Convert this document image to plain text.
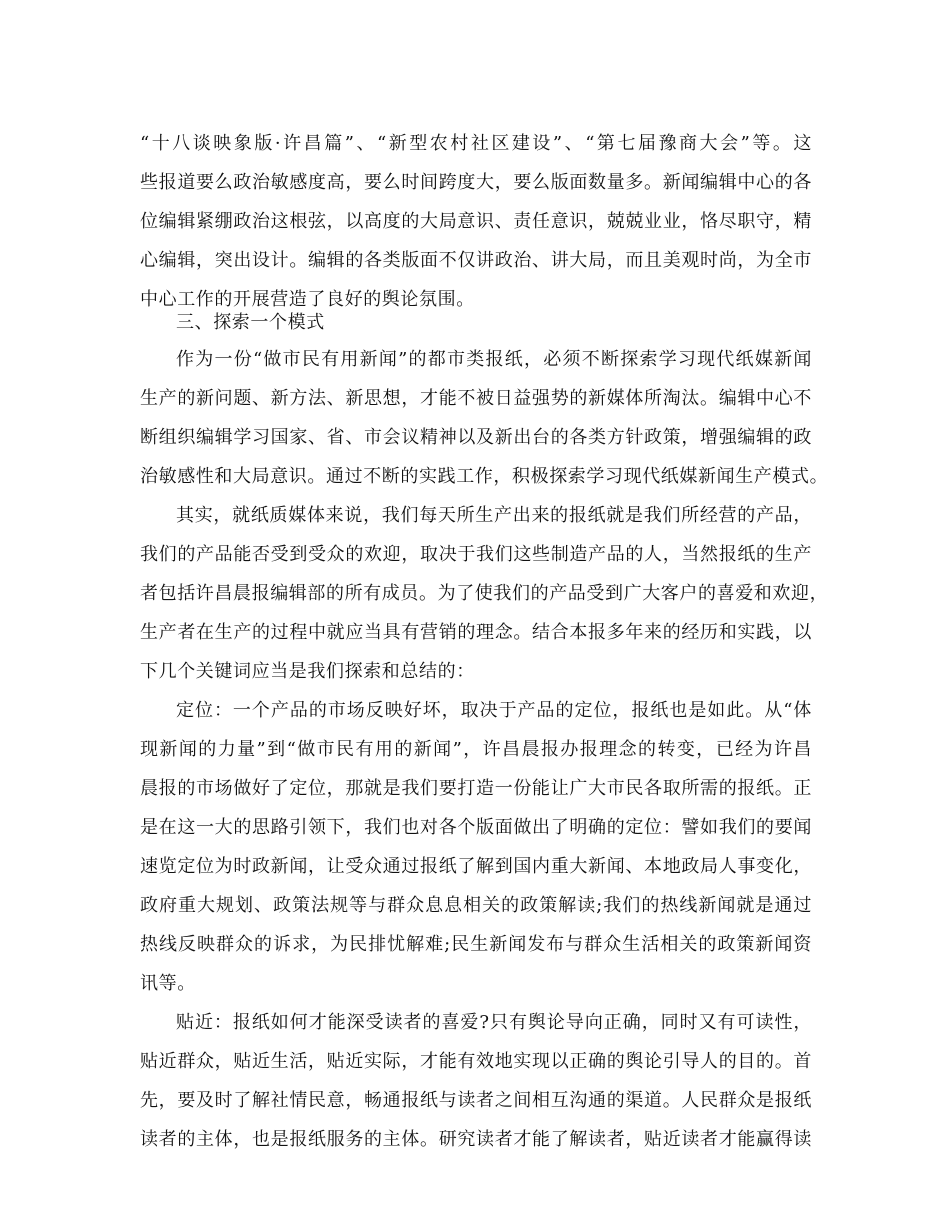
“十八谈映象版·许昌篇”、“新型农村社区建设”、“第七届豫商大会”等。这
些报道要么政治敏感度高，要么时间跨度大，要么版面数量多。新闻编辑中心的各
位编辑紧绷政治这根弦，以高度的大局意识、责任意识，兢兢业业，恪尽职守，精
心编辑，突出设计。编辑的各类版面不仅讲政治、讲大局，而且美观时尚，为全市
中心工作的开展营造了良好的舆论氛围。
三、探索一个模式
作为一份“做市民有用新闻”的都市类报纸，必须不断探索学习现代纸媒新闻
生产的新问题、新方法、新思想，才能不被日益强势的新媒体所淘汰。编辑中心不
断组织编辑学习国家、省、市会议精神以及新出台的各类方针政策，增强编辑的政
治敏感性和大局意识。通过不断的实践工作，积极探索学习现代纸媒新闻生产模式。
其实，就纸质媒体来说，我们每天所生产出来的报纸就是我们所经营的产品，
我们的产品能否受到受众的欢迎，取决于我们这些制造产品的人，当然报纸的生产
者包括许昌晨报编辑部的所有成员。为了使我们的产品受到广大客户的喜爱和欢迎，
生产者在生产的过程中就应当具有营销的理念。结合本报多年来的经历和实践，以
下几个关键词应当是我们探索和总结的：
定位：一个产品的市场反映好坏，取决于产品的定位，报纸也是如此。从“体
现新闻的力量”到“做市民有用的新闻”，许昌晨报办报理念的转变，已经为许昌
晨报的市场做好了定位，那就是我们要打造一份能让广大市民各取所需的报纸。正
是在这一大的思路引领下，我们也对各个版面做出了明确的定位：譬如我们的要闻
速览定位为时政新闻，让受众通过报纸了解到国内重大新闻、本地政局人事变化，
政府重大规划、政策法规等与群众息息相关的政策解读;我们的热线新闻就是通过
热线反映群众的诉求，为民排忧解难;民生新闻发布与群众生活相关的政策新闻资
讯等。
贴近：报纸如何才能深受读者的喜爱?只有舆论导向正确，同时又有可读性，
贴近群众，贴近生活，贴近实际，才能有效地实现以正确的舆论引导人的目的。首
先，要及时了解社情民意，畅通报纸与读者之间相互沟通的渠道。人民群众是报纸
读者的主体，也是报纸服务的主体。研究读者才能了解读者，贴近读者才能赢得读
